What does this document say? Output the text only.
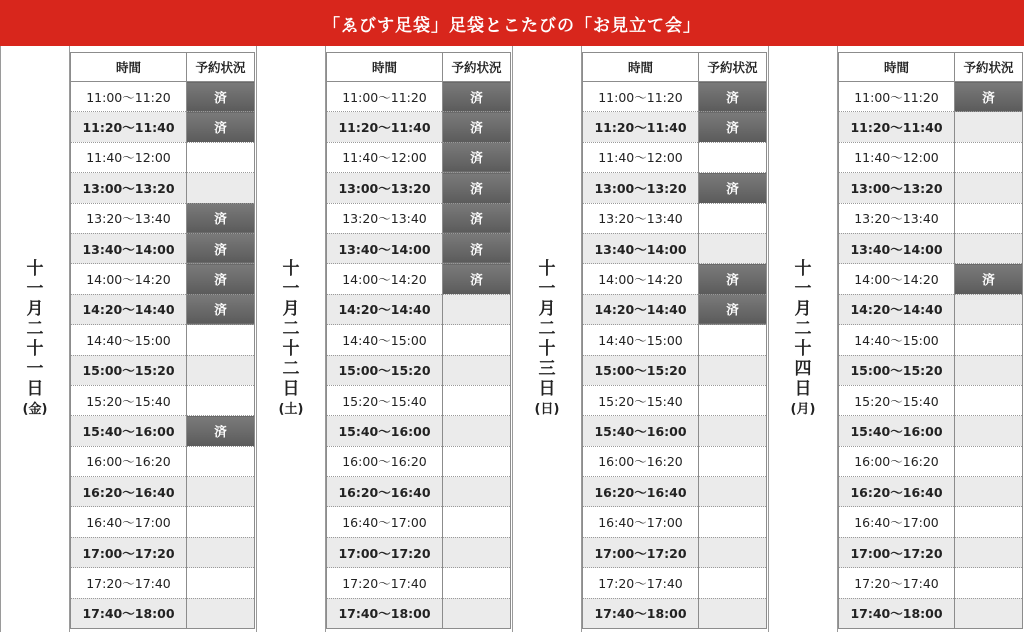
「ゑびす足袋」足袋とこたびの「お見立て会」
十
一
月
二
十
一
日
(金)
時間	予約状況
11:00～11:20	済
11:20～11:40	済
11:40～12:00	
13:00～13:20	
13:20～13:40	済
13:40～14:00	済
14:00～14:20	済
14:20～14:40	済
14:40～15:00	
15:00～15:20	
15:20～15:40	
15:40～16:00	済
16:00～16:20	
16:20～16:40	
16:40～17:00	
17:00～17:20	
17:20～17:40	
17:40～18:00	
十
一
月
二
十
二
日
(土)
時間	予約状況
11:00～11:20	済
11:20～11:40	済
11:40～12:00	済
13:00～13:20	済
13:20～13:40	済
13:40～14:00	済
14:00～14:20	済
14:20～14:40	
14:40～15:00	
15:00～15:20	
15:20～15:40	
15:40～16:00	
16:00～16:20	
16:20～16:40	
16:40～17:00	
17:00～17:20	
17:20～17:40	
17:40～18:00	
十
一
月
二
十
三
日
(日)
時間	予約状況
11:00～11:20	済
11:20～11:40	済
11:40～12:00	
13:00～13:20	済
13:20～13:40	
13:40～14:00	
14:00～14:20	済
14:20～14:40	済
14:40～15:00	
15:00～15:20	
15:20～15:40	
15:40～16:00	
16:00～16:20	
16:20～16:40	
16:40～17:00	
17:00～17:20	
17:20～17:40	
17:40～18:00	
十
一
月
二
十
四
日
(月)
時間	予約状況
11:00～11:20	済
11:20～11:40	
11:40～12:00	
13:00～13:20	
13:20～13:40	
13:40～14:00	
14:00～14:20	済
14:20～14:40	
14:40～15:00	
15:00～15:20	
15:20～15:40	
15:40～16:00	
16:00～16:20	
16:20～16:40	
16:40～17:00	
17:00～17:20	
17:20～17:40	
17:40～18:00	
